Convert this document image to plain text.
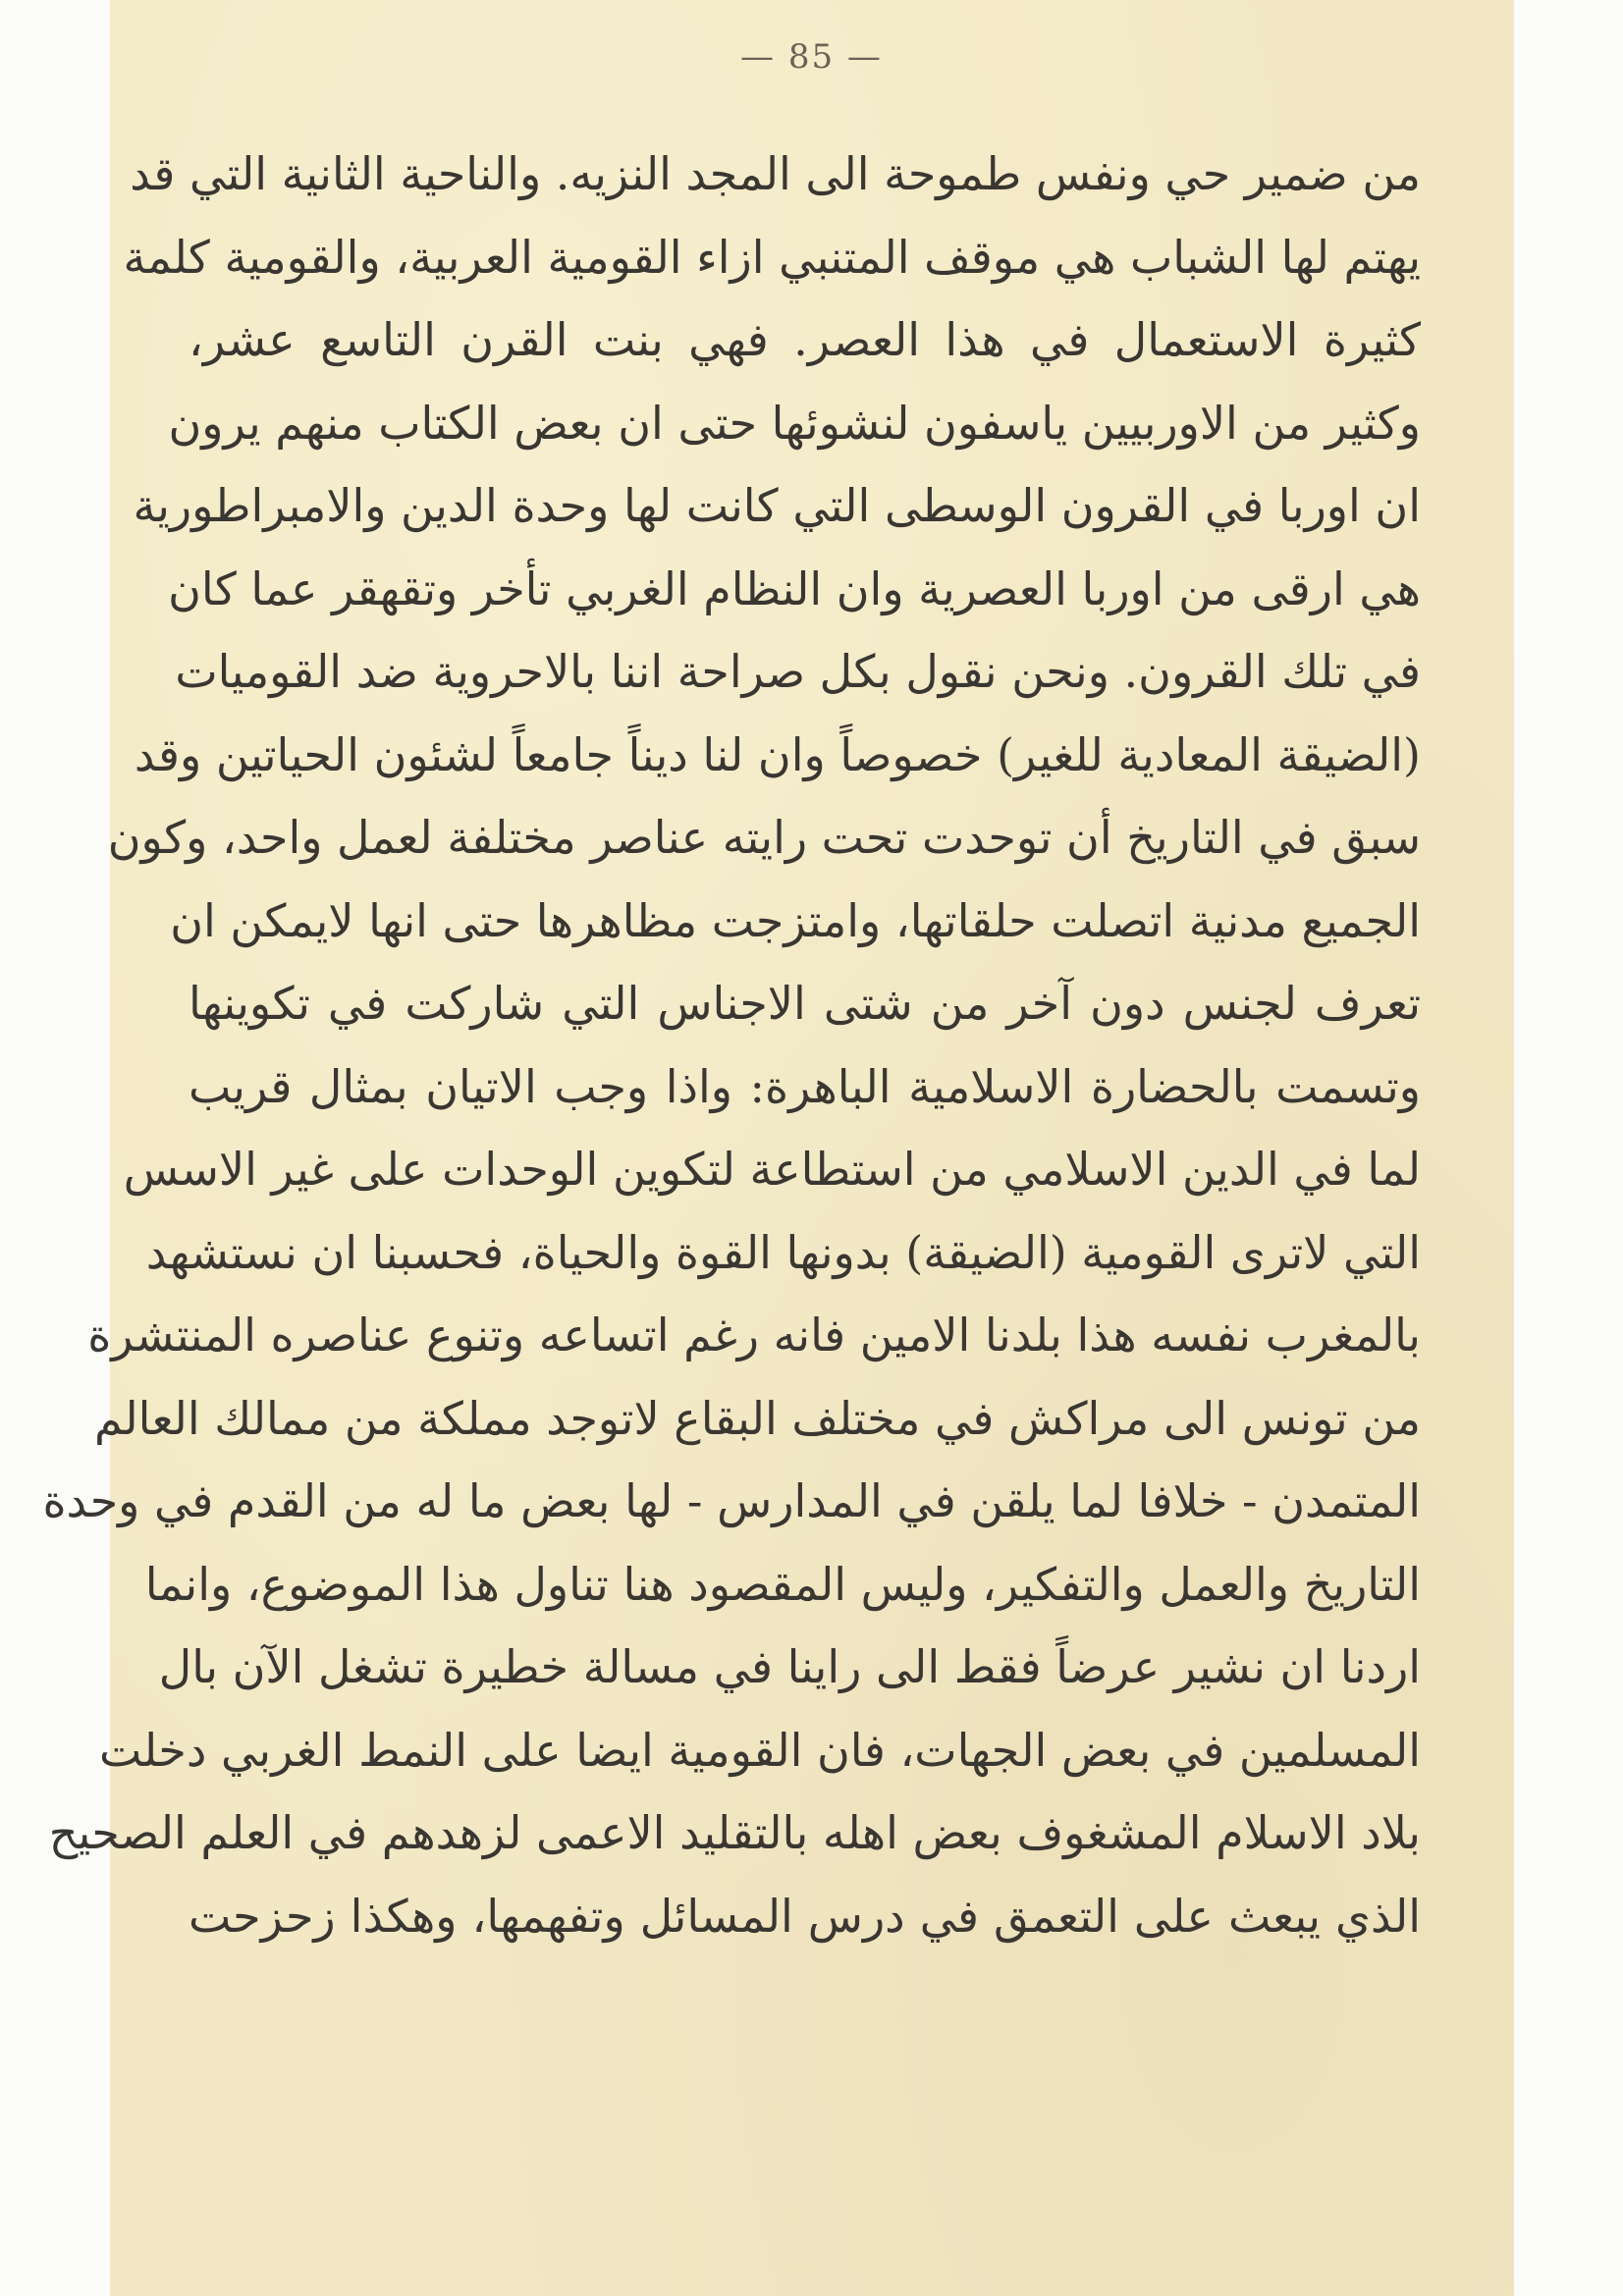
— 85 —
من ضمير حي ونفس طموحة الى المجد النزيه. والناحية الثانية التي قد
يهتم لها الشباب هي موقف المتنبي ازاء القومية العربية، والقومية كلمة
كثيرة الاستعمال في هذا العصر. فهي بنت القرن التاسع عشر،
وكثير من الاوربيين ياسفون لنشوئها حتى ان بعض الكتاب منهم يرون
ان اوربا في القرون الوسطى التي كانت لها وحدة الدين والامبراطورية
هي ارقى من اوربا العصرية وان النظام الغربي تأخر وتقهقر عما كان
في تلك القرون. ونحن نقول بكل صراحة اننا بالاحروية ضد القوميات
(الضيقة المعادية للغير) خصوصاً وان لنا ديناً جامعاً لشئون الحياتين وقد
سبق في التاريخ أن توحدت تحت رايته عناصر مختلفة لعمل واحد، وكون
الجميع مدنية اتصلت حلقاتها، وامتزجت مظاهرها حتى انها لايمكن ان
تعرف لجنس دون آخر من شتى الاجناس التي شاركت في تكوينها
وتسمت بالحضارة الاسلامية الباهرة: واذا وجب الاتيان بمثال قريب
لما في الدين الاسلامي من استطاعة لتكوين الوحدات على غير الاسس
التي لاترى القومية (الضيقة) بدونها القوة والحياة، فحسبنا ان نستشهد
بالمغرب نفسه هذا بلدنا الامين فانه رغم اتساعه وتنوع عناصره المنتشرة
من تونس الى مراكش في مختلف البقاع لاتوجد مملكة من ممالك العالم
المتمدن - خلافا لما يلقن في المدارس - لها بعض ما له من القدم في وحدة
التاريخ والعمل والتفكير، وليس المقصود هنا تناول هذا الموضوع، وانما
اردنا ان نشير عرضاً فقط الى راينا في مسالة خطيرة تشغل الآن بال
المسلمين في بعض الجهات، فان القومية ايضا على النمط الغربي دخلت
بلاد الاسلام المشغوف بعض اهله بالتقليد الاعمى لزهدهم في العلم الصحيح
الذي يبعث على التعمق في درس المسائل وتفهمها، وهكذا زحزحت
